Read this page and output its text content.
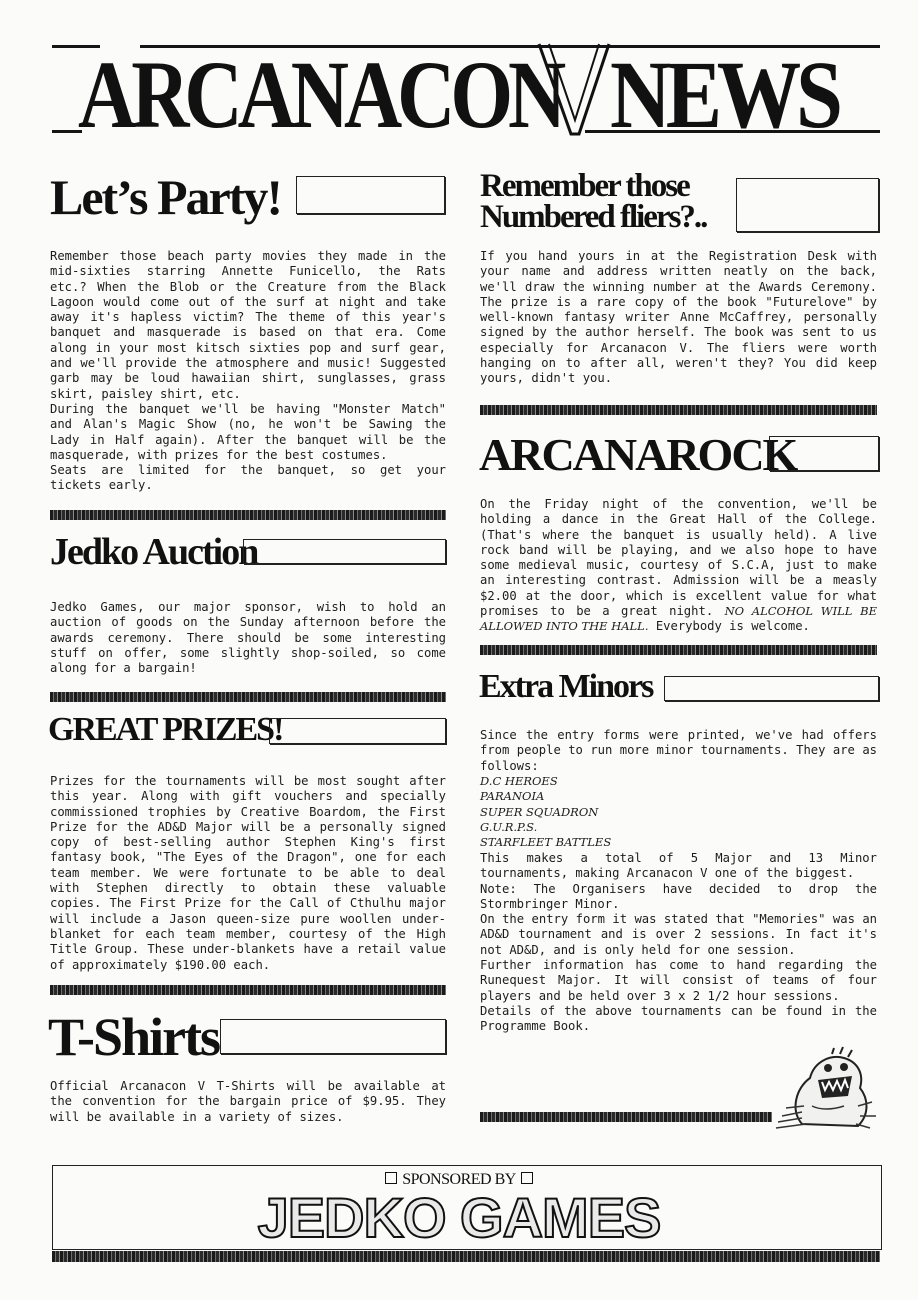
ARCANACON NEWS
Let’s Party!

Remember those beach party movies they made in the mid-sixties starring Annette Funicello, the Rats etc.? When the Blob or the Creature from the Black Lagoon would come out of the surf at night and take away it's hapless victim? The theme of this year's banquet and masquerade is based on that era. Come along in your most kitsch sixties pop and surf gear, and we'll provide the atmosphere and music! Suggested garb may be loud hawaiian shirt, sunglasses, grass skirt, paisley shirt, etc.
During the banquet we'll be having "Monster Match" and Alan's Magic Show (no, he won't be Sawing the Lady in Half again). After the banquet will be the masquerade, with prizes for the best costumes.
Seats are limited for the banquet, so get your tickets early.

Jedko Auction

Jedko Games, our major sponsor, wish to hold an auction of goods on the Sunday afternoon before the awards ceremony. There should be some interesting stuff on offer, some slightly shop-soiled, so come along for a bargain!

GREAT PRIZES!

Prizes for the tournaments will be most sought after this year. Along with gift vouchers and specially commissioned trophies by Creative Boardom, the First Prize for the AD&D Major will be a personally signed copy of best-selling author Stephen King's first fantasy book, "The Eyes of the Dragon", one for each team member. We were fortunate to be able to deal with Stephen directly to obtain these valuable copies. The First Prize for the Call of Cthulhu major will include a Jason queen-size pure woollen under-blanket for each team member, courtesy of the High Title Group. These under-blankets have a retail value of approximately $190.00 each.

T-Shirts

Official Arcanacon V T-Shirts will be available at the convention for the bargain price of $9.95. They will be available in a variety of sizes.

Remember those Numbered fliers?..

If you hand yours in at the Registration Desk with your name and address written neatly on the back, we'll draw the winning number at the Awards Ceremony. The prize is a rare copy of the book "Futurelove" by well-known fantasy writer Anne McCaffrey, personally signed by the author herself. The book was sent to us especially for Arcanacon V. The fliers were worth hanging on to after all, weren't they? You did keep yours, didn't you.

ARCANAROCK

On the Friday night of the convention, we'll be holding a dance in the Great Hall of the College. (That's where the banquet is usually held). A live rock band will be playing, and we also hope to have some medieval music, courtesy of S.C.A, just to make an interesting contrast. Admission will be a measly $2.00 at the door, which is excellent value for what promises to be a great night. NO ALCOHOL WILL BE ALLOWED INTO THE HALL. Everybody is welcome.

Extra Minors

Since the entry forms were printed, we've had offers from people to run more minor tournaments. They are as follows:

D.C HEROES
PARANOIA
SUPER SQUADRON
G.U.R.P.S.
STARFLEET BATTLES

This makes a total of 5 Major and 13 Minor tournaments, making Arcanacon V one of the biggest.
Note: The Organisers have decided to drop the Stormbringer Minor.
On the entry form it was stated that "Memories" was an AD&D tournament and is over 2 sessions. In fact it's not AD&D, and is only held for one session.
Further information has come to hand regarding the Runequest Major. It will consist of teams of four players and be held over 3 x 2 1/2 hour sessions.
Details of the above tournaments can be found in the Programme Book.

SPONSORED BY
JEDKO GAMES
